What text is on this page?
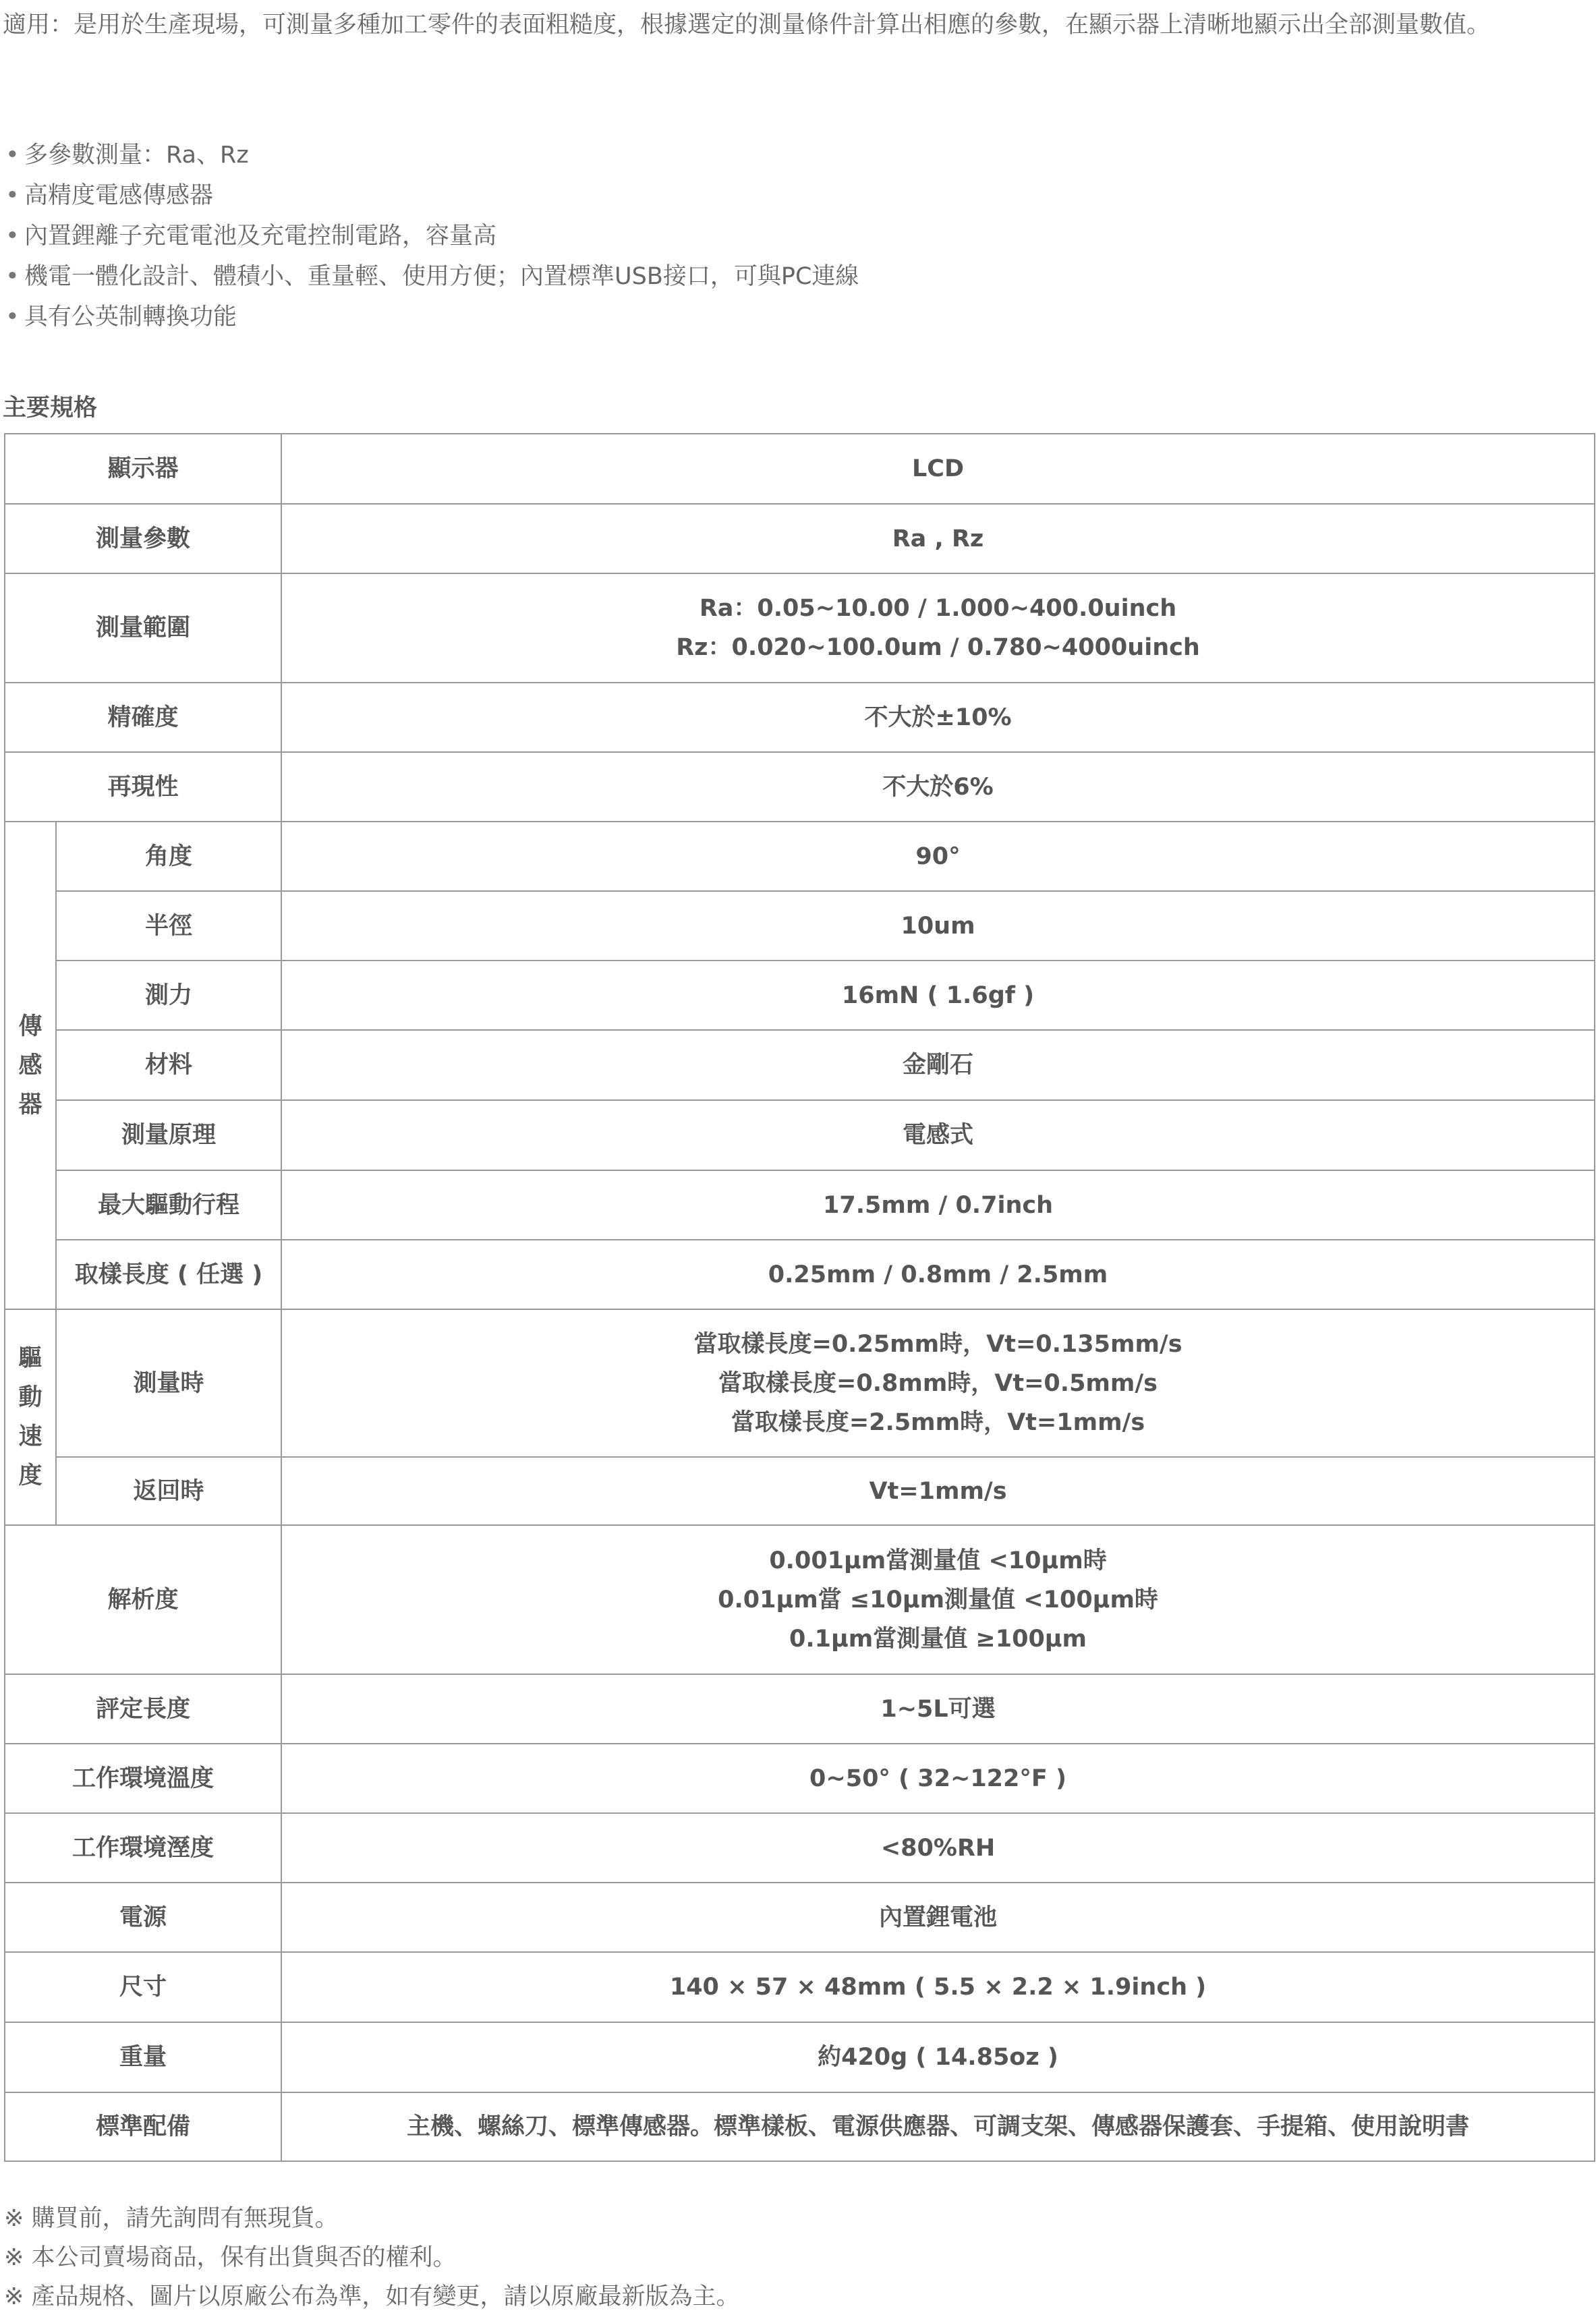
適用：是用於生產現場，可測量多種加工零件的表面粗糙度，根據選定的測量條件計算出相應的參數，在顯示器上清晰地顯示出全部測量數值。
• 多參數測量：Ra、Rz
• 高精度電感傳感器
• 內置鋰離子充電電池及充電控制電路，容量高
• 機電一體化設計、體積小、重量輕、使用方便；內置標準USB接口，可與PC連線
• 具有公英制轉換功能
主要規格
顯示器		LCD
測量參數		Ra , Rz
測量範圍		Ra：0.05~10.00 / 1.000~400.0uinch
Rz：0.020~100.0um / 0.780~4000uinch

精確度		不大於±10%
再現性		不大於6%
傳感器	角度	90°
	半徑	10um
	測力	16mN ( 1.6gf )
	材料	金剛石
	測量原理	電感式
	最大驅動行程	17.5mm / 0.7inch
	取樣長度 ( 任選 )	0.25mm / 0.8mm / 2.5mm
驅動速度	測量時	當取樣長度=0.25mm時，Vt=0.135mm/s
當取樣長度=0.8mm時，Vt=0.5mm/s
當取樣長度=2.5mm時，Vt=1mm/s

	返回時	Vt=1mm/s
解析度		0.001μm當測量值 <10μm時
0.01μm當 ≤10μm測量值 <100μm時
0.1μm當測量值 ≥100μm

評定長度		1~5L可選
工作環境溫度		0~50° ( 32~122°F )
工作環境溼度		<80%RH
電源		內置鋰電池
尺寸		140 × 57 × 48mm ( 5.5 × 2.2 × 1.9inch )
重量		約420g ( 14.85oz )
標準配備		主機、螺絲刀、標準傳感器。標準樣板、電源供應器、可調支架、傳感器保護套、手提箱、使用說明書
※ 購買前，請先詢問有無現貨。
※ 本公司賣場商品，保有出貨與否的權利。
※ 產品規格、圖片以原廠公布為準，如有變更，請以原廠最新版為主。
